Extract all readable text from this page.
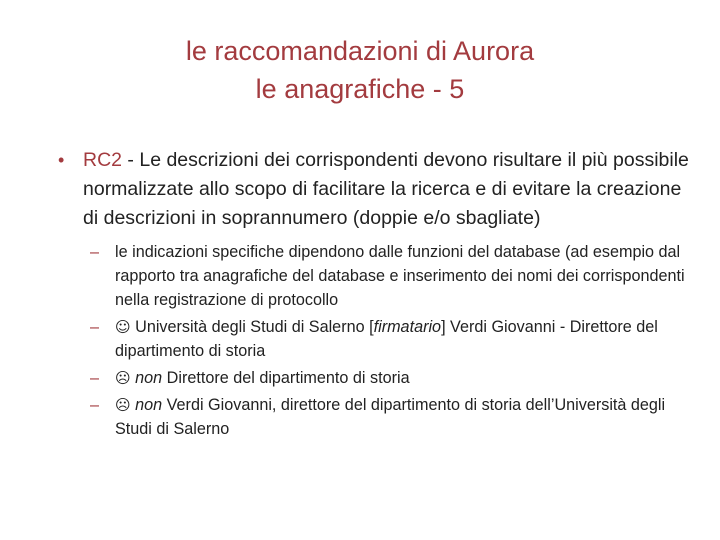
le raccomandazioni di Aurora
le anagrafiche - 5
• RC2 - Le descrizioni dei corrispondenti devono risultare il più possibile normalizzate allo scopo di facilitare la ricerca e di evitare la creazione di descrizioni in soprannumero (doppie e/o sbagliate)
– le indicazioni specifiche dipendono dalle funzioni del database (ad esempio dal rapporto tra anagrafiche del database e inserimento dei nomi dei corrispondenti nella registrazione di protocollo
– ☺ Università degli Studi di Salerno [firmatario] Verdi Giovanni - Direttore del dipartimento di storia
– ☹ non Direttore del dipartimento di storia
– ☹ non Verdi Giovanni, direttore del dipartimento di storia dell’Università degli Studi di Salerno
